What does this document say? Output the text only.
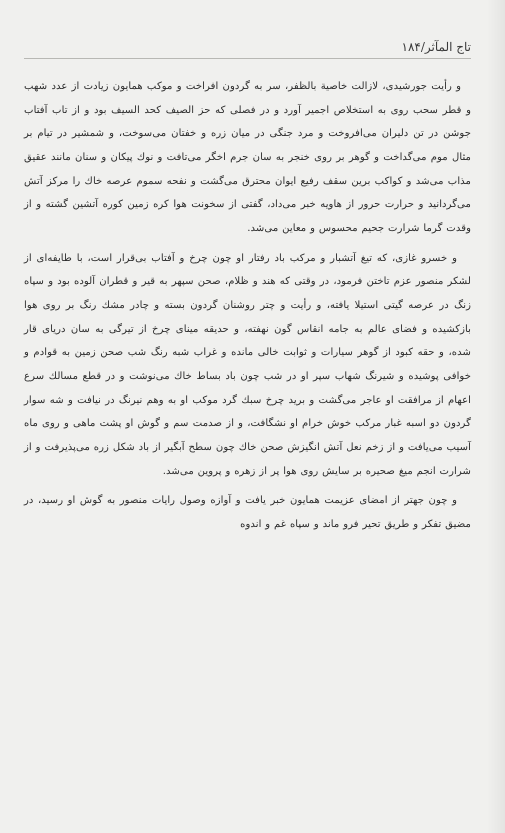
تاج المآثر/۱۸۴

و رأيت جورشيدى، لازالت خاصية بالظفر، سر به گردون افراخت و موكب همايون زيادت از عدد شهب و قطر سحب روى به استخلاص اجمير آورد و در فصلى كه حز الصيف كحد السيف بود و از تاب آفتاب جوشن در تن دليران مى‌افروخت و مرد جنگى در ميان زره و خفتان مى‌سوخت، و شمشير در تيام بر مثال موم مى‌گداخت و گوهر بر روى خنجر به سان جرم اخگر مى‌تافت و نوك پيكان و سنان مانند عقيق مذاب مى‌شد و كواكب برين سقف رفيع ايوان محترق مى‌گشت و نفحه سموم عرصه خاك را مركز آتش مى‌گردانيد و حرارت حرور از هاويه خبر مى‌داد، گفتى از سخونت هوا كره زمين كوره آتشين گشته و از وقدت گرما شرارت جحيم محسوس و معاين مى‌شد.

و خسرو غازى، كه تيغ آتشبار و مركب باد رفتار او چون چرخ و آفتاب بى‌قرار است، با طايفه‌اى از لشكر منصور عزم تاختن فرمود، در وقتى كه هند و ظلام، صحن سپهر به قير و قطران آلوده بود و سپاه زنگ در عرصه گيتى استيلا يافته، و رأيت و چتر روشنان گردون بسته و چادر مشك رنگ بر روى هوا بازكشيده و فضاى عالم به جامه انقاس گون نهفته، و حديقه مينای چرخ از تيرگى به سان دريای قار شده، و حقه كبود از گوهر سيارات و ثوابت خالى مانده و غراب شبه رنگ شب صحن زمين به قوادم و خوافى پوشيده و شيرنگ شهاب سپر او در شب چون باد بساط خاك مى‌نوشت و در قطع مسالك سرع اعهام از مرافقت او عاجر مى‌گشت و بريد چرخ سبك گرد موكب او به وهم نيرنگ در نيافت و شه سوار گردون دو اسبه غبار مركب خوش خرام او نشگافت، و از صدمت سم و گوش او پشت ماهى و روى ماه آسيب مى‌يافت و از زخم نعل آتش انگيزش صحن خاك چون سطح آبگير از باد شكل زره مى‌پذيرفت و از شرارت انجم ميغ صحيره بر سايش روى هوا پر از زهره و پروين مى‌شد.

و چون جهتر از امضای عزيمت همايون خبر يافت و آوازه وصول رايات منصور به گوش او رسيد، در مضيق تفكر و طريق تحير فرو ماند و سپاه غم و اندوه
